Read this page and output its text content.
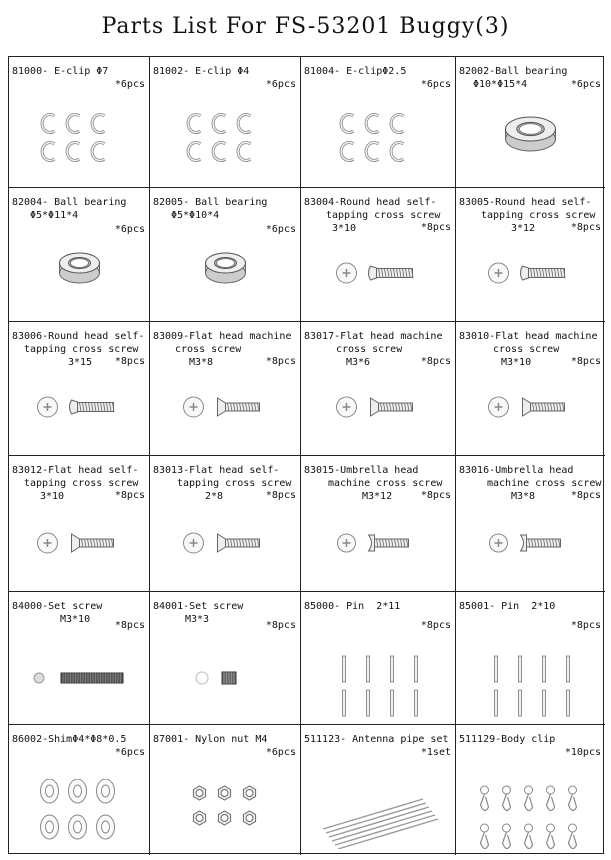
Parts List For FS-53201 Buggy(3)
81000- E-clip Φ7
*6pcs
81002- E-clip Φ4
*6pcs
81004- E-clipΦ2.5
*6pcs
82002-Ball bearing
Φ10*Φ15*4	*6pcs
82004- Ball bearing
Φ5*Φ11*4
*6pcs
82005- Ball bearing
Φ5*Φ10*4
*6pcs
83004-Round head self-
tapping cross screw
3*10	*8pcs
83005-Round head self-
tapping cross screw
3*12	*8pcs
83006-Round head self-
tapping cross screw
3*15	*8pcs
83009-Flat head machine
cross screw
M3*8	*8pcs
83017-Flat head machine
cross screw
M3*6	*8pcs
83010-Flat head machine
cross screw
M3*10	*8pcs
83012-Flat head self-
tapping cross screw
3*10	*8pcs
83013-Flat head self-
tapping cross screw
2*8	*8pcs
83015-Umbrella head
machine cross screw
M3*12	*8pcs
83016-Umbrella head
machine cross screw
M3*8	*8pcs
84000-Set screw
M3*10
*8pcs
84001-Set screw
M3*3
*8pcs
85000- Pin 2*11
*8pcs
85001- Pin 2*10
*8pcs
86002-ShimΦ4*Φ8*0.5
*6pcs
87001- Nylon nut M4
*6pcs
511123- Antenna pipe set
*1set
511129-Body clip
*10pcs
